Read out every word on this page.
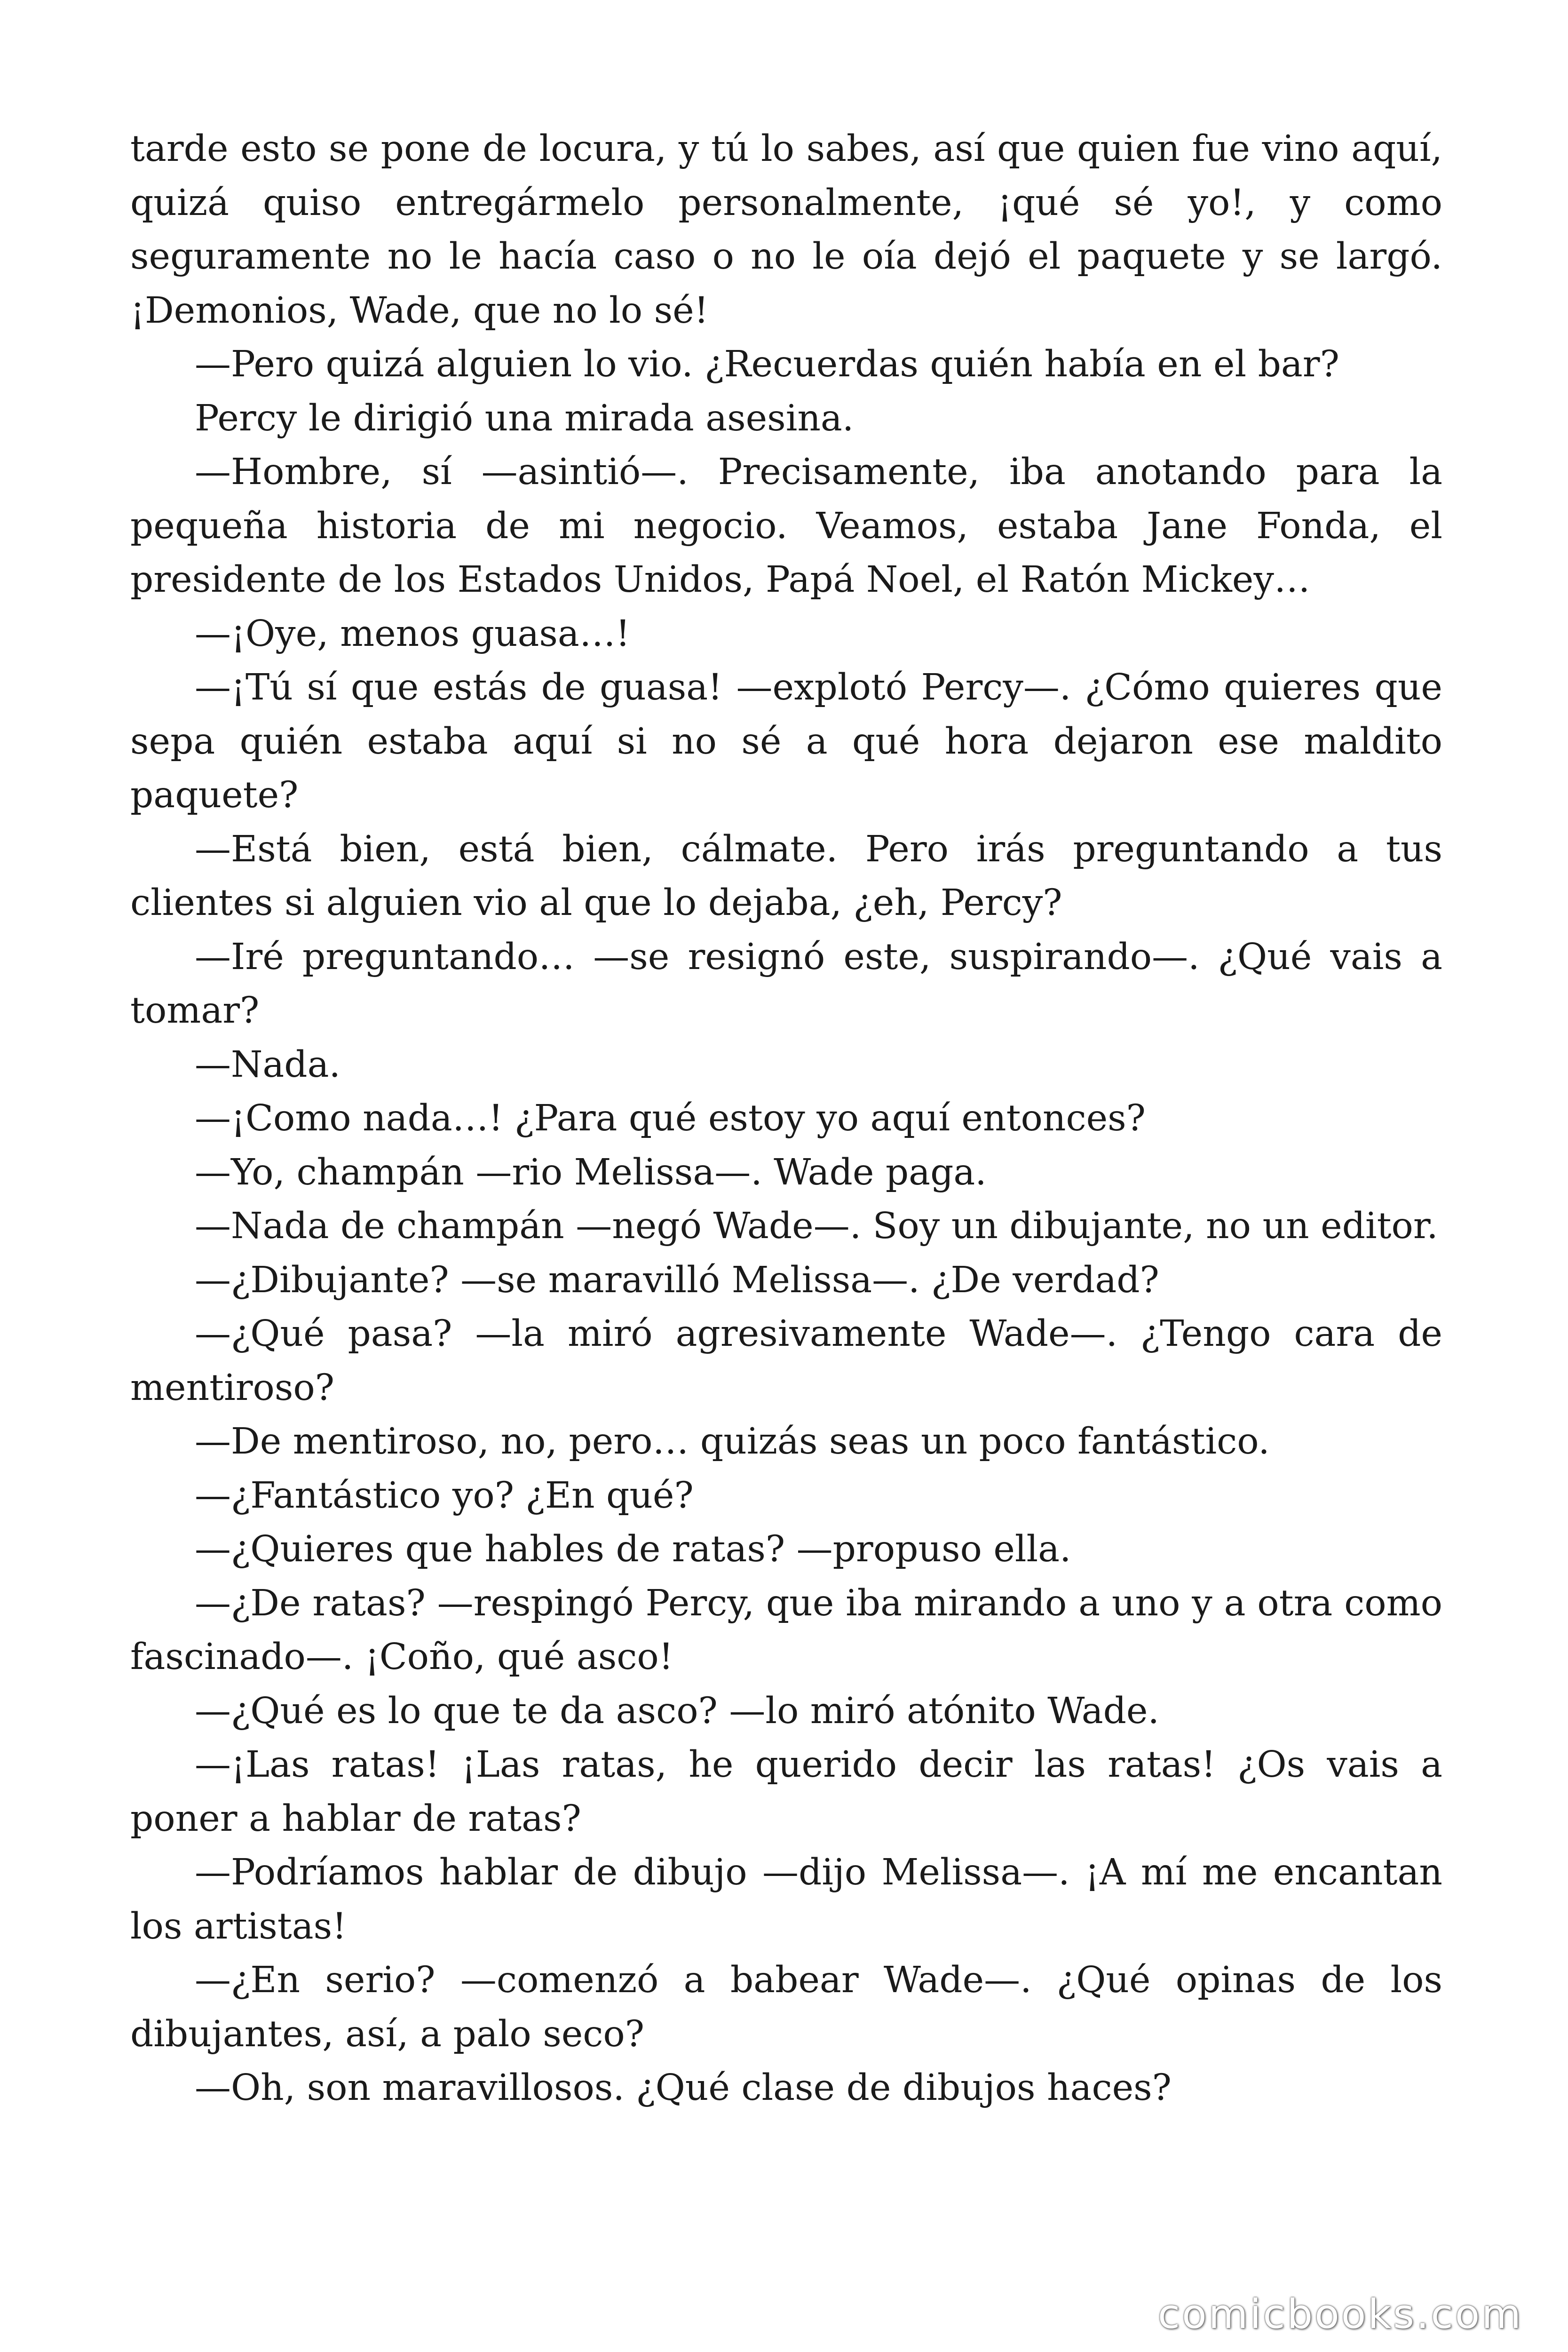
tarde esto se pone de locura, y tú lo sabes, así que quien fue vino aquí, quizá quiso entregármelo personalmente, ¡qué sé yo!, y como seguramente no le hacía caso o no le oía dejó el paquete y se largó. ¡Demonios, Wade, que no lo sé!

—Pero quizá alguien lo vio. ¿Recuerdas quién había en el bar?

Percy le dirigió una mirada asesina.

—Hombre, sí —asintió—. Precisamente, iba anotando para la pequeña historia de mi negocio. Veamos, estaba Jane Fonda, el presidente de los Estados Unidos, Papá Noel, el Ratón Mickey…

—¡Oye, menos guasa…!

—¡Tú sí que estás de guasa! —explotó Percy—. ¿Cómo quieres que sepa quién estaba aquí si no sé a qué hora dejaron ese maldito paquete?

—Está bien, está bien, cálmate. Pero irás preguntando a tus clientes si alguien vio al que lo dejaba, ¿eh, Percy?

—Iré preguntando… —se resignó este, suspirando—. ¿Qué vais a tomar?

—Nada.

—¡Como nada…! ¿Para qué estoy yo aquí entonces?

—Yo, champán —rio Melissa—. Wade paga.

—Nada de champán —negó Wade—. Soy un dibujante, no un editor.

—¿Dibujante? —se maravilló Melissa—. ¿De verdad?

—¿Qué pasa? —la miró agresivamente Wade—. ¿Tengo cara de mentiroso?

—De mentiroso, no, pero… quizás seas un poco fantástico.

—¿Fantástico yo? ¿En qué?

—¿Quieres que hables de ratas? —propuso ella.

—¿De ratas? —respingó Percy, que iba mirando a uno y a otra como fascinado—. ¡Coño, qué asco!

—¿Qué es lo que te da asco? —lo miró atónito Wade.

—¡Las ratas! ¡Las ratas, he querido decir las ratas! ¿Os vais a poner a hablar de ratas?

—Podríamos hablar de dibujo —dijo Melissa—. ¡A mí me encantan los artistas!

—¿En serio? —comenzó a babear Wade—. ¿Qué opinas de los dibujantes, así, a palo seco?

—Oh, son maravillosos. ¿Qué clase de dibujos haces?

comicbooks.com
